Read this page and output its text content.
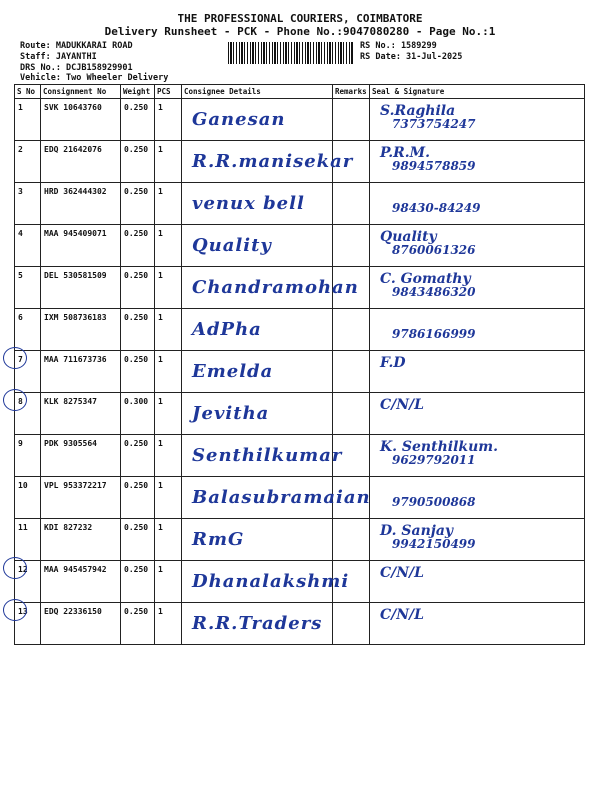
THE PROFESSIONAL COURIERS, COIMBATORE
Delivery Runsheet - PCK - Phone No.:9047080280 - Page No.:1
Route: MADUKKARAI ROAD
Staff: JAYANTHI
DRS No.: DCJB158929901
Vehicle: Two Wheeler Delivery
RS No.: 1589299
RS Date: 31-Jul-2025
S No	Consignment No	Weight	PCS	Consignee Details	Remarks	Seal & Signature
1	SVK 10643760	0.250	1	Ganesan		S.Raghila
7373754247

2	EDQ 21642076	0.250	1	R.R.manisekar		P.R.M.
9894578859

3	HRD 362444302	0.250	1	venux bell		98430-84249

4	MAA 945409071	0.250	1	Quality		Quality
8760061326

5	DEL 530581509	0.250	1	Chandramohan		C. Gomathy
9843486320

6	IXM 508736183	0.250	1	AdPha		9786166999

7	MAA 711673736	0.250	1	Emelda		F.D

8	KLK 8275347	0.300	1	Jevitha		C/N/L

9	PDK 9305564	0.250	1	Senthilkumar		K. Senthilkum.
9629792011

10	VPL 953372217	0.250	1	Balasubramaian		9790500868

11	KDI 827232	0.250	1	RmG		D. Sanjay
9942150499

12	MAA 945457942	0.250	1	Dhanalakshmi		C/N/L

13	EDQ 22336150	0.250	1	R.R.Traders		C/N/L
